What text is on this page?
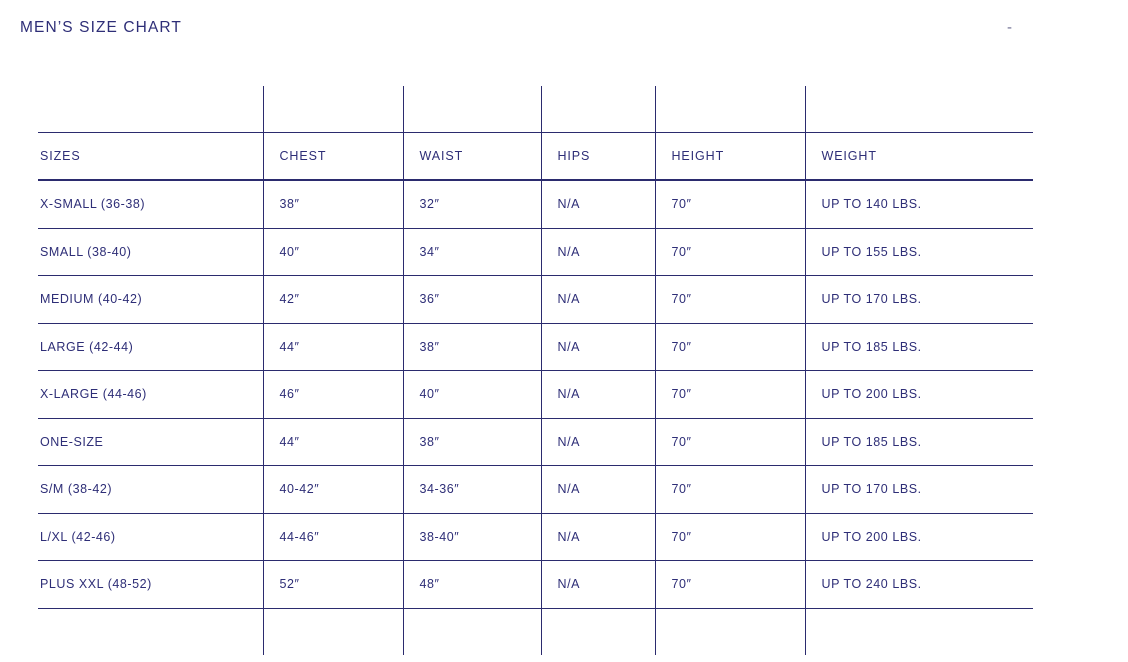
MEN’S SIZE CHART	-

SIZES	CHEST	WAIST	HIPS	HEIGHT	WEIGHT
X-SMALL (36-38)	38″	32″	N/A	70″	UP TO 140 LBS.
SMALL (38-40)	40″	34″	N/A	70″	UP TO 155 LBS.
MEDIUM (40-42)	42″	36″	N/A	70″	UP TO 170 LBS.
LARGE (42-44)	44″	38″	N/A	70″	UP TO 185 LBS.
X-LARGE (44-46)	46″	40″	N/A	70″	UP TO 200 LBS.
ONE-SIZE	44″	38″	N/A	70″	UP TO 185 LBS.
S/M (38-42)	40-42″	34-36″	N/A	70″	UP TO 170 LBS.
L/XL (42-46)	44-46″	38-40″	N/A	70″	UP TO 200 LBS.
PLUS XXL (48-52)	52″	48″	N/A	70″	UP TO 240 LBS.
